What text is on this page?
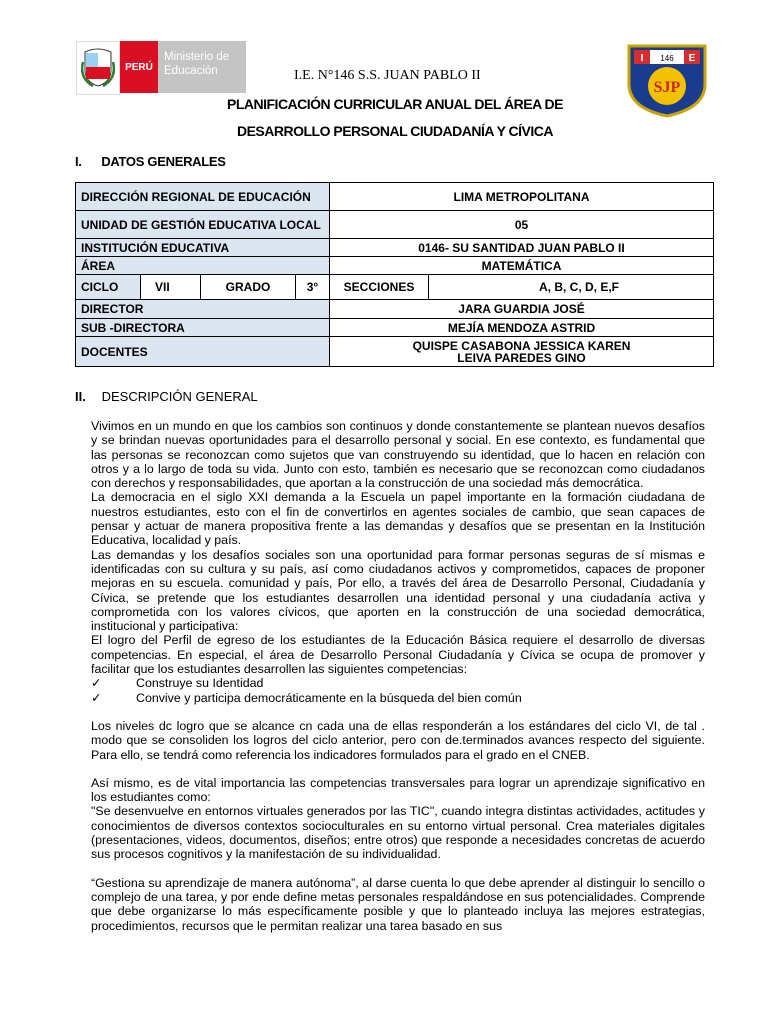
PERÚ
Ministerio de
Educación	I.E. N°146 S.S. JUAN PABLO II
I	E
146
SJP
PLANIFICACIÓN CURRICULAR ANUAL DEL ÁREA DE
DESARROLLO PERSONAL CIUDADANÍA Y CÍVICA
I. DATOS GENERALES
DIRECCIÓN REGIONAL DE EDUCACIÓN				LIMA METROPOLITANA	
UNIDAD DE GESTIÓN EDUCATIVA LOCAL				05	
INSTITUCIÓN EDUCATIVA				0146- SU SANTIDAD JUAN PABLO II	
ÁREA				MATEMÁTICA	
CICLO	VII	GRADO	3°	SECCIONES	A, B, C, D, E,F
DIRECTOR				JARA GUARDIA JOSÉ	
SUB -DIRECTORA				MEJÍA MENDOZA ASTRID	
DOCENTES				QUISPE CASABONA JESSICA KAREN
LEIVA PAREDES GINO	
II. DESCRIPCIÓN GENERAL

Vivimos en un mundo en que los cambios son continuos y donde constantemente se plantean nuevos desafíos y se brindan nuevas oportunidades para el desarrollo personal y social. En ese contexto, es fundamental que las personas se reconozcan como sujetos que van construyendo su identidad, que lo hacen en relación con otros y a lo largo de toda su vida. Junto con esto, también es necesario que se reconozcan como ciudadanos con derechos y responsabilidades, que aportan a la construcción de una sociedad más democrática.

La democracia en el siglo XXI demanda a la Escuela un papel importante en la formación ciudadana de nuestros estudiantes, esto con el fin de convertirlos en agentes sociales de cambio, que sean capaces de pensar y actuar de manera propositiva frente a las demandas y desafíos que se presentan en la Institución Educativa, localidad y país.

Las demandas y los desafíos sociales son una oportunidad para formar personas seguras de sí mismas e identificadas con su cultura y su país, así como ciudadanos activos y comprometidos, capaces de proponer mejoras en su escuela. comunidad y país, Por ello, a través del área de Desarrollo Personal, Ciudadanía y Cívica, se pretende que los estudiantes desarrollen una identidad personal y una ciudadanía activa y comprometida con los valores cívicos, que aporten en la construcción de una sociedad democrática, institucional y participativa:

El logro del Perfil de egreso de los estudiantes de la Educación Básica requiere el desarrollo de diversas competencias. En especial, el área de Desarrollo Personal Ciudadanía y Cívica se ocupa de promover y facilitar que los estudiantes desarrollen las siguientes competencias:

✓	Construye su Identidad
✓	Convive y participa democráticamente en la búsqueda del bien común

Los niveles dc logro que se alcance cn cada una de ellas responderán a los estándares del ciclo VI, de tal . modo que se consoliden los logros del ciclo anterior, pero con de.terminados avances respecto del siguiente. Para ello, se tendrá como referencia los indicadores formulados para el grado en el CNEB.

Así mismo, es de vital importancia las competencias transversales para lograr un aprendizaje significativo en los estudiantes como:

"Se desenvuelve en entornos virtuales generados por las TIC", cuando integra distintas actividades, actitudes y conocimientos de diversos contextos socioculturales en su entorno virtual personal. Crea materiales digitales (presentaciones, videos, documentos, diseños; entre otros) que responde a necesidades concretas de acuerdo sus procesos cognitivos y la manifestación de su individualidad.

“Gestiona su aprendizaje de manera autónoma”, al darse cuenta lo que debe aprender al distinguir lo sencillo o complejo de una tarea, y por ende define metas personales respaldándose en sus potencialidades. Comprende que debe organizarse lo más específicamente posible y que lo planteado incluya las mejores estrategias, procedimientos, recursos que le permitan realizar una tarea basado en sus
